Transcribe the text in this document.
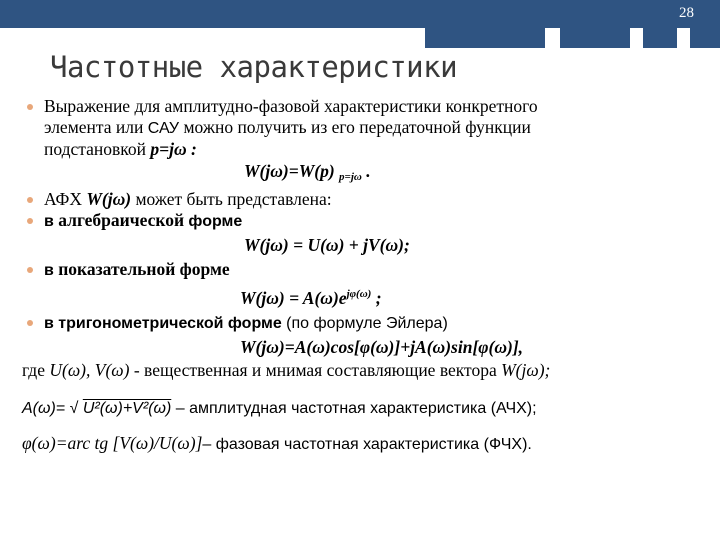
28
Частотные характеристики
Выражение для амплитудно-фазовой характеристики конкретного
элемента или САУ можно получить из его передаточной функции
подстановкой p=jω :
W(jω)=W(p) $_{p=j\omega}$ .
АФХ W(jω) может быть представлена:
в алгебраической форме
W(jω) = U(ω) + jV(ω);
в показательной форме
$W(j\omega) = A(\omega)e^{j\varphi(\omega)}$ ;
в тригонометрической форме (по формуле Эйлера)
W(jω)=A(ω)cos[φ(ω)]+jA(ω)sin[φ(ω)],
где U(ω), V(ω) - вещественная и мнимая составляющие вектора W(jω);
A(ω)= √ U²(ω)+V²(ω) – амплитудная частотная характеристика (АЧХ);
φ(ω)=arc tg [V(ω)/U(ω)]– фазовая частотная характеристика (ФЧХ).
